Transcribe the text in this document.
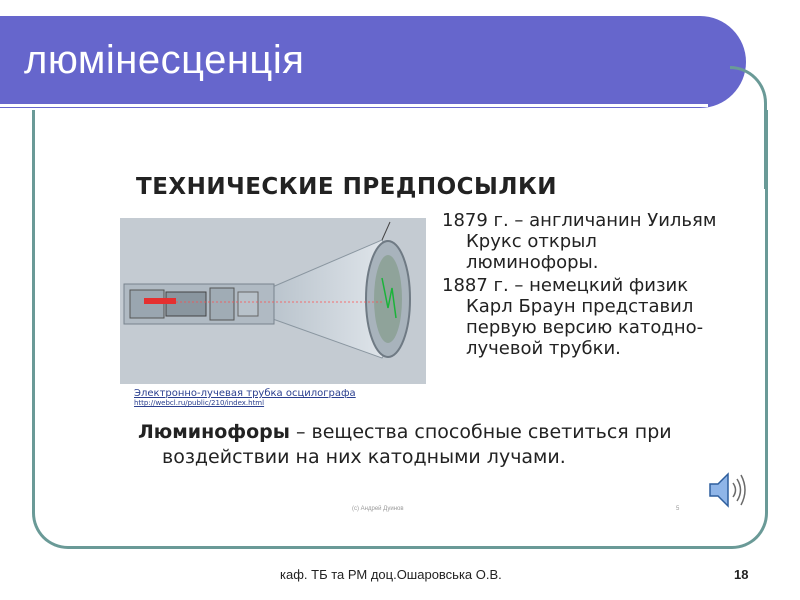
люмінесценція
ТЕХНИЧЕСКИЕ ПРЕДПОСЫЛКИ
Электронно-лучевая трубка осцилографа
http://webcl.ru/public/210/index.html

1879 г. – англичанин Уильям Крукс открыл люминофоры.

1887 г. – немецкий физик Карл Браун представил первую версию катодно-лучевой трубки.

Люминофоры – вещества способные светиться при воздействии на них катодными лучами.
(с) Андрей Дуинов	5
каф. ТБ та РМ доц.Ошаровська О.В.	18
